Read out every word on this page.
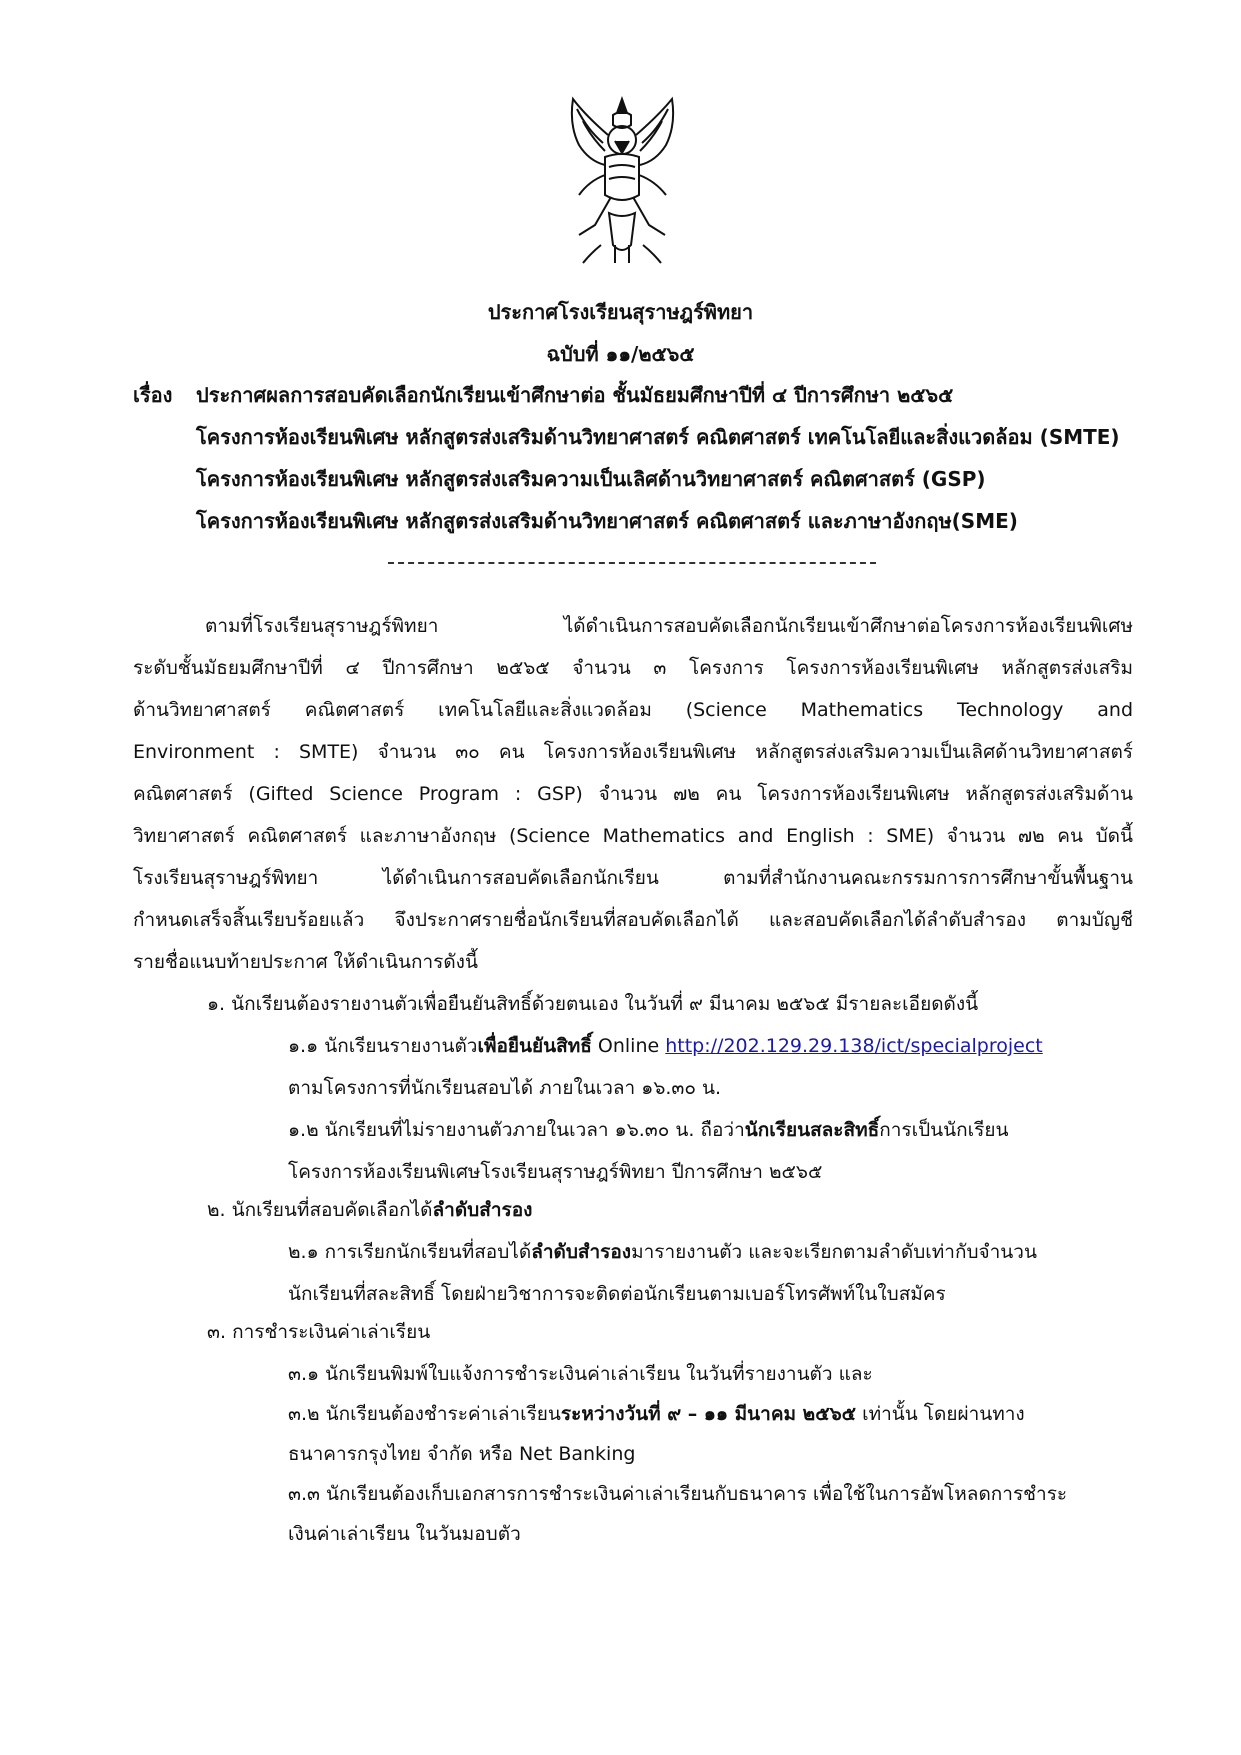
ประกาศโรงเรียนสุราษฎร์พิทยา
ฉบับที่ ๑๑/๒๕๖๕
เรื่อง ประกาศผลการสอบคัดเลือกนักเรียนเข้าศึกษาต่อ ชั้นมัธยมศึกษาปีที่ ๔ ปีการศึกษา ๒๕๖๕
โครงการห้องเรียนพิเศษ หลักสูตรส่งเสริมด้านวิทยาศาสตร์ คณิตศาสตร์ เทคโนโลยีและสิ่งแวดล้อม (SMTE)
โครงการห้องเรียนพิเศษ หลักสูตรส่งเสริมความเป็นเลิศด้านวิทยาศาสตร์ คณิตศาสตร์ (GSP)
โครงการห้องเรียนพิเศษ หลักสูตรส่งเสริมด้านวิทยาศาสตร์ คณิตศาสตร์ และภาษาอังกฤษ(SME)
ตามที่โรงเรียนสุราษฎร์พิทยา ได้ดำเนินการสอบคัดเลือกนักเรียนเข้าศึกษาต่อโครงการห้องเรียนพิเศษ
ระดับชั้นมัธยมศึกษาปีที่ ๔ ปีการศึกษา ๒๕๖๕ จำนวน ๓ โครงการ โครงการห้องเรียนพิเศษ หลักสูตรส่งเสริม
ด้านวิทยาศาสตร์ คณิตศาสตร์ เทคโนโลยีและสิ่งแวดล้อม (Science Mathematics Technology and
Environment : SMTE) จำนวน ๓๐ คน โครงการห้องเรียนพิเศษ หลักสูตรส่งเสริมความเป็นเลิศด้านวิทยาศาสตร์
คณิตศาสตร์ (Gifted Science Program : GSP) จำนวน ๗๒ คน โครงการห้องเรียนพิเศษ หลักสูตรส่งเสริมด้าน
วิทยาศาสตร์ คณิตศาสตร์ และภาษาอังกฤษ (Science Mathematics and English : SME) จำนวน ๗๒ คน บัดนี้
โรงเรียนสุราษฎร์พิทยา ได้ดำเนินการสอบคัดเลือกนักเรียน ตามที่สำนักงานคณะกรรมการการศึกษาขั้นพื้นฐาน
กำหนดเสร็จสิ้นเรียบร้อยแล้ว จึงประกาศรายชื่อนักเรียนที่สอบคัดเลือกได้ และสอบคัดเลือกได้ลำดับสำรอง ตามบัญชี
รายชื่อแนบท้ายประกาศ ให้ดำเนินการดังนี้
๑. นักเรียนต้องรายงานตัวเพื่อยืนยันสิทธิ์ด้วยตนเอง ในวันที่ ๙ มีนาคม ๒๕๖๕ มีรายละเอียดดังนี้
๑.๑ นักเรียนรายงานตัวเพื่อยืนยันสิทธิ์ Online http://202.129.29.138/ict/specialproject
ตามโครงการที่นักเรียนสอบได้ ภายในเวลา ๑๖.๓๐ น.
๑.๒ นักเรียนที่ไม่รายงานตัวภายในเวลา ๑๖.๓๐ น. ถือว่านักเรียนสละสิทธิ์การเป็นนักเรียน
โครงการห้องเรียนพิเศษโรงเรียนสุราษฎร์พิทยา ปีการศึกษา ๒๕๖๕
๒. นักเรียนที่สอบคัดเลือกได้ลำดับสำรอง
๒.๑ การเรียกนักเรียนที่สอบได้ลำดับสำรองมารายงานตัว และจะเรียกตามลำดับเท่ากับจำนวน
นักเรียนที่สละสิทธิ์ โดยฝ่ายวิชาการจะติดต่อนักเรียนตามเบอร์โทรศัพท์ในใบสมัคร
๓. การชำระเงินค่าเล่าเรียน
๓.๑ นักเรียนพิมพ์ใบแจ้งการชำระเงินค่าเล่าเรียน ในวันที่รายงานตัว และ
๓.๒ นักเรียนต้องชำระค่าเล่าเรียนระหว่างวันที่ ๙ – ๑๑ มีนาคม ๒๕๖๕ เท่านั้น โดยผ่านทาง
ธนาคารกรุงไทย จำกัด หรือ Net Banking
๓.๓ นักเรียนต้องเก็บเอกสารการชำระเงินค่าเล่าเรียนกับธนาคาร เพื่อใช้ในการอัพโหลดการชำระ
เงินค่าเล่าเรียน ในวันมอบตัว
